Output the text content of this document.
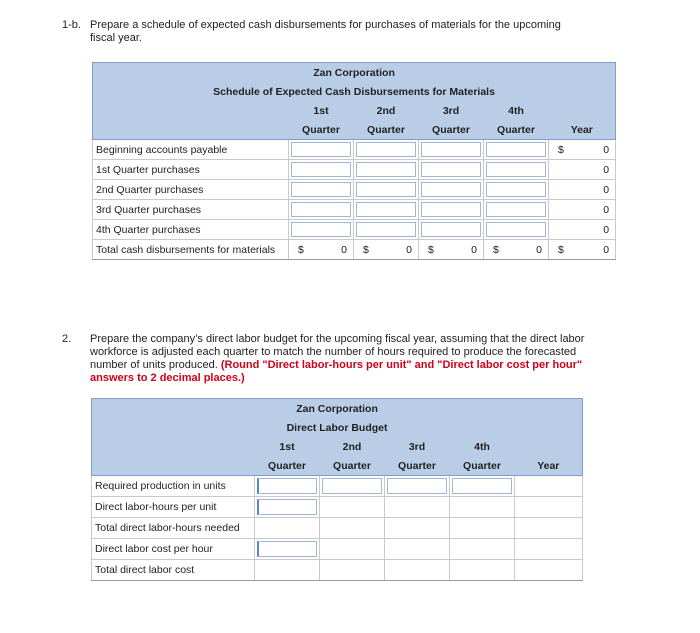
1-b. Prepare a schedule of expected cash disbursements for purchases of materials for the upcoming
fiscal year.
Zan Corporation					
Schedule of Expected Cash Disbursements for Materials					
	1st	2nd	3rd	4th	
	Quarter	Quarter	Quarter	Quarter	Year
Beginning accounts payable					$ 0

1st Quarter purchases					0

2nd Quarter purchases					0

3rd Quarter purchases					0

4th Quarter purchases					0

Total cash disbursements for materials	$ 0	$ 0	$ 0	$ 0	$ 0
2. Prepare the company’s direct labor budget for the upcoming fiscal year, assuming that the direct labor
workforce is adjusted each quarter to match the number of hours required to produce the forecasted
number of units produced. (Round "Direct labor-hours per unit" and "Direct labor cost per hour"
answers to 2 decimal places.)
Zan Corporation					
Direct Labor Budget					
	1st	2nd	3rd	4th	
	Quarter	Quarter	Quarter	Quarter	Year
Required production in units	

Direct labor-hours per unit	

Total direct labor-hours needed					
Direct labor cost per hour	

Total direct labor cost					
